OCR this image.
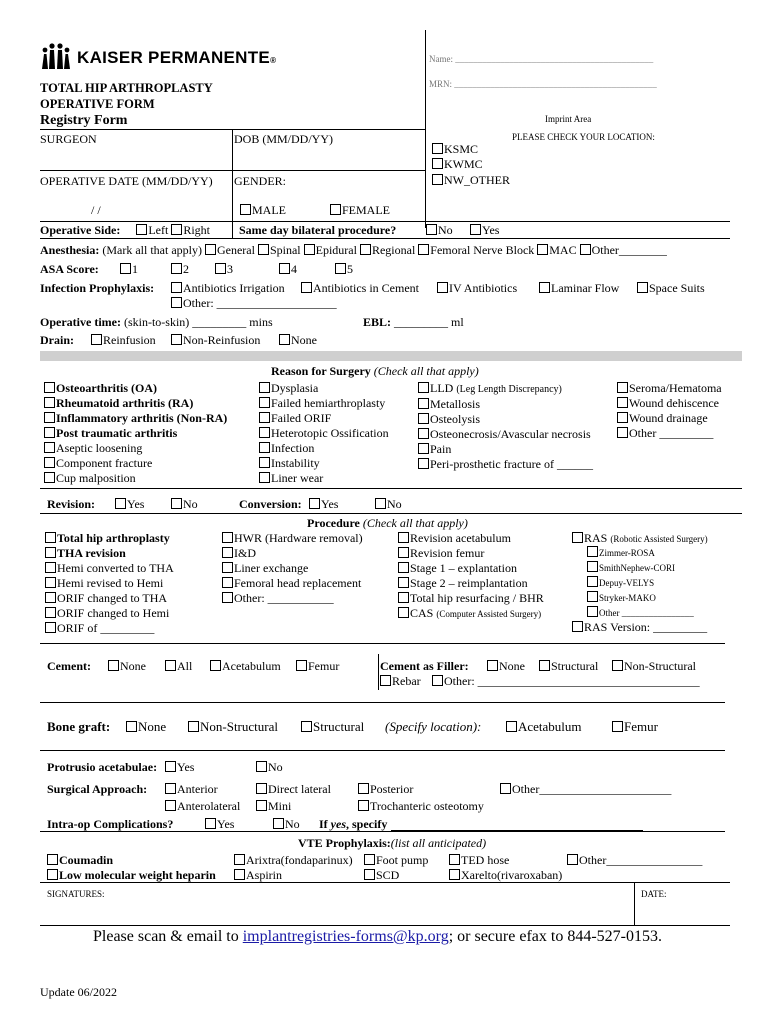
KAISER PERMANENTE®
TOTAL HIP ARTHROPLASTY
OPERATIVE FORM
Registry Form
Name: ____________________________________________
MRN: _____________________________________________
Imprint Area
PLEASE CHECK YOUR LOCATION:
KSMC
KWMC
NW_OTHER
SURGEON	DOB (MM/DD/YY)
OPERATIVE DATE (MM/DD/YY) GENDER:
/ /	MALE	FEMALE
Operative Side: Left Right Same day bilateral procedure?	No	Yes
Anesthesia: (Mark all that apply) General Spinal Epidural Regional Femoral Nerve Block MAC Other________
ASA Score:	1	2	3	4	5
Infection Prophylaxis:	Antibiotics Irrigation	Antibiotics in Cement	IV Antibiotics	Laminar Flow	Space Suits
Other: ____________________
Operative time: (skin-to-skin) _________ mins	EBL: _________ ml
Drain:	Reinfusion	Non-Reinfusion	None
Reason for Surgery (Check all that apply)
Osteoarthritis (OA)
Rheumatoid arthritis (RA)
Inflammatory arthritis (Non-RA)
Post traumatic arthritis
Aseptic loosening
Component fracture
Cup malposition
Dysplasia
Failed hemiarthroplasty
Failed ORIF
Heterotopic Ossification
Infection
Instability
Liner wear
LLD (Leg Length Discrepancy)
Metallosis
Osteolysis
Osteonecrosis/Avascular necrosis
Pain
Peri-prosthetic fracture of ______
Seroma/Hematoma
Wound dehiscence
Wound drainage
Other _________
Revision:	Yes	No	Conversion:	Yes	No
Procedure (Check all that apply)
Total hip arthroplasty
THA revision
Hemi converted to THA
Hemi revised to Hemi
ORIF changed to THA
ORIF changed to Hemi
ORIF of _________
HWR (Hardware removal)
I&D
Liner exchange
Femoral head replacement
Other: ___________
Revision acetabulum
Revision femur
Stage 1 – explantation
Stage 2 – reimplantation
Total hip resurfacing / BHR
CAS (Computer Assisted Surgery)
RAS (Robotic Assisted Surgery)
Zimmer-ROSA
SmithNephew-CORI
Depuy-VELYS
Stryker-MAKO
Other ________________
RAS Version: _________
Cement:	None	All	Acetabulum	Femur	Cement as Filler:	None	Structural	Non-Structural
Rebar	Other: _____________________________________
Bone graft:	None	Non-Structural	Structural (Specify location):	Acetabulum	Femur
Protrusio acetabulae:	Yes	No
Surgical Approach:	Anterior	Direct lateral	Posterior	Other______________________
Anterolateral	Mini	Trochanteric osteotomy
Intra-op Complications?	Yes	No If yes, specify
VTE Prophylaxis:(list all anticipated)
Coumadin
Low molecular weight heparin
Arixtra(fondaparinux)
Aspirin
Foot pump
SCD
TED hose
Xarelto(rivaroxaban)
Other________________
SIGNATURES:	DATE:
Please scan & email to implantregistries-forms@kp.org; or secure efax to 844-527-0153.
Update 06/2022
